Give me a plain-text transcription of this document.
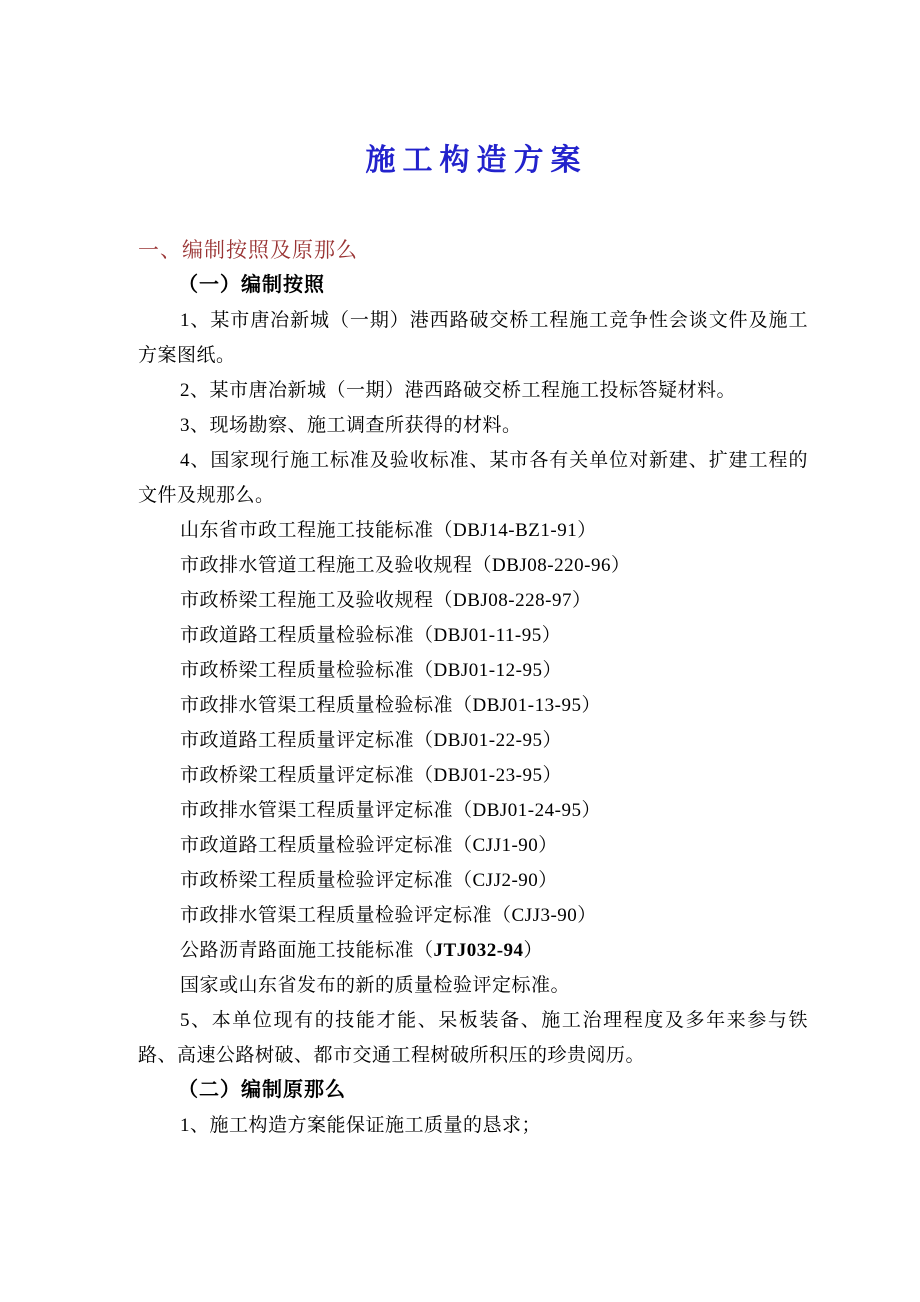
施工构造方案
一、编制按照及原那么

（一）编制按照

1、某市唐冶新城（一期）港西路破交桥工程施工竞争性会谈文件及施工方案图纸。

2、某市唐冶新城（一期）港西路破交桥工程施工投标答疑材料。

3、现场勘察、施工调查所获得的材料。

4、国家现行施工标准及验收标准、某市各有关单位对新建、扩建工程的文件及规那么。

山东省市政工程施工技能标准（DBJ14-BZ1-91）

市政排水管道工程施工及验收规程（DBJ08-220-96）

市政桥梁工程施工及验收规程（DBJ08-228-97）

市政道路工程质量检验标准（DBJ01-11-95）

市政桥梁工程质量检验标准（DBJ01-12-95）

市政排水管渠工程质量检验标准（DBJ01-13-95）

市政道路工程质量评定标准（DBJ01-22-95）

市政桥梁工程质量评定标准（DBJ01-23-95）

市政排水管渠工程质量评定标准（DBJ01-24-95）

市政道路工程质量检验评定标准（CJJ1-90）

市政桥梁工程质量检验评定标准（CJJ2-90）

市政排水管渠工程质量检验评定标准（CJJ3-90）

公路沥青路面施工技能标准（JTJ032-94）

国家或山东省发布的新的质量检验评定标准。

5、本单位现有的技能才能、呆板装备、施工治理程度及多年来参与铁路、高速公路树破、都市交通工程树破所积压的珍贵阅历。

（二）编制原那么

1、施工构造方案能保证施工质量的恳求；
